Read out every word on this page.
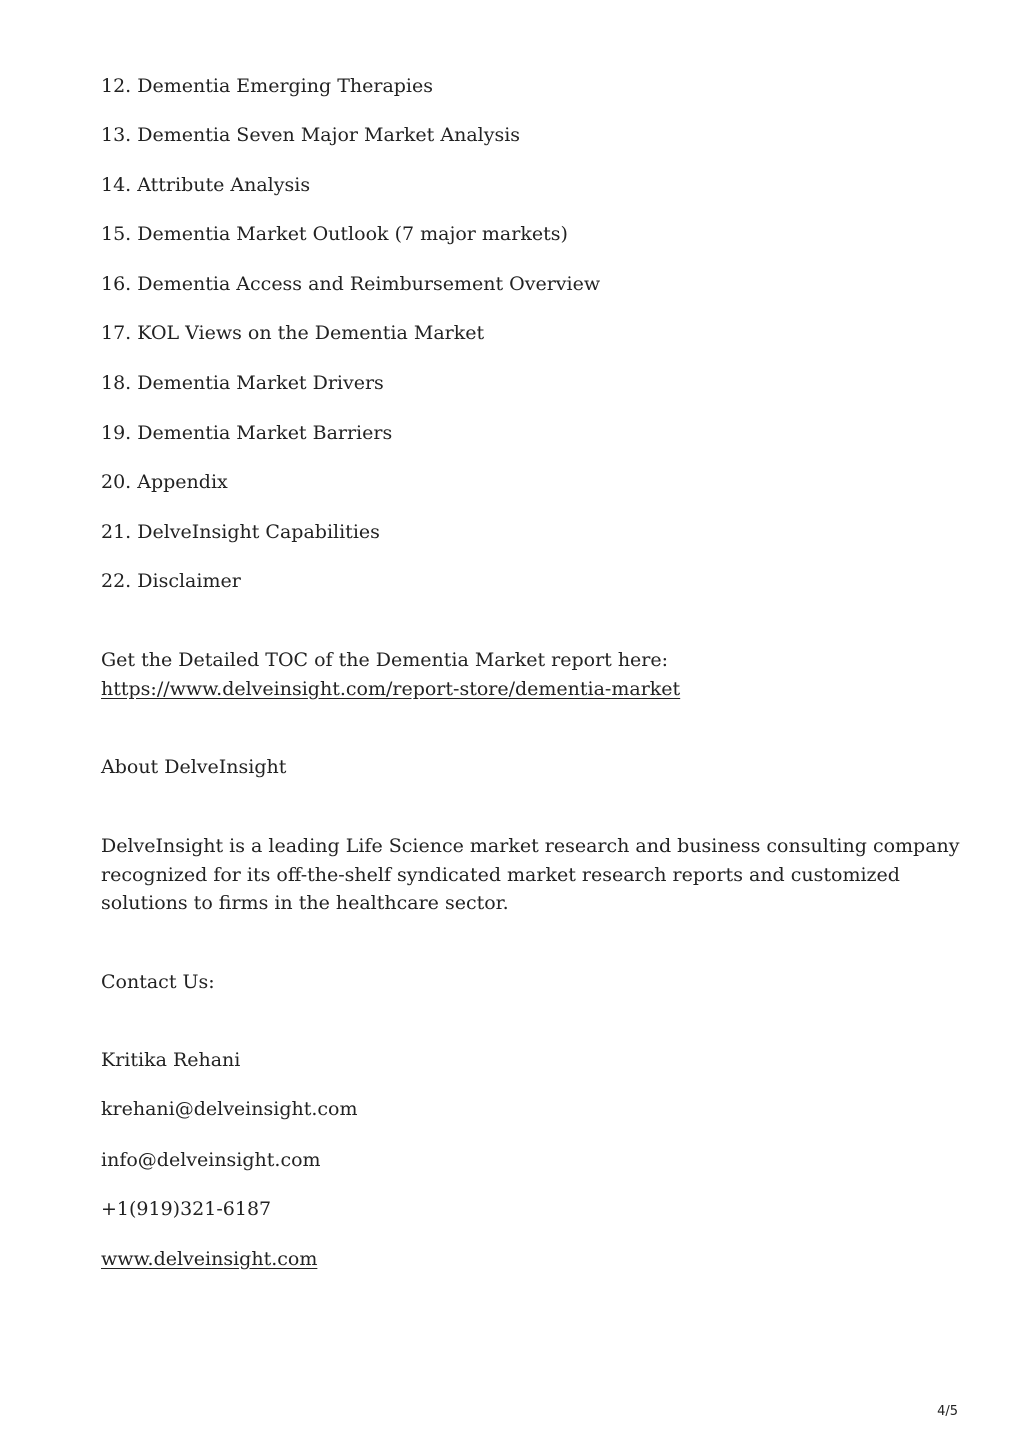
12. Dementia Emerging Therapies
13. Dementia Seven Major Market Analysis
14. Attribute Analysis
15. Dementia Market Outlook (7 major markets)
16. Dementia Access and Reimbursement Overview
17. KOL Views on the Dementia Market
18. Dementia Market Drivers
19. Dementia Market Barriers
20. Appendix
21. DelveInsight Capabilities
22. Disclaimer
Get the Detailed TOC of the Dementia Market report here:
https://www.delveinsight.com/report-store/dementia-market
About DelveInsight
DelveInsight is a leading Life Science market research and business consulting company
recognized for its off-the-shelf syndicated market research reports and customized
solutions to firms in the healthcare sector.
Contact Us:
Kritika Rehani
krehani@delveinsight.com
info@delveinsight.com
+1(919)321-6187
www.delveinsight.com
4/5
